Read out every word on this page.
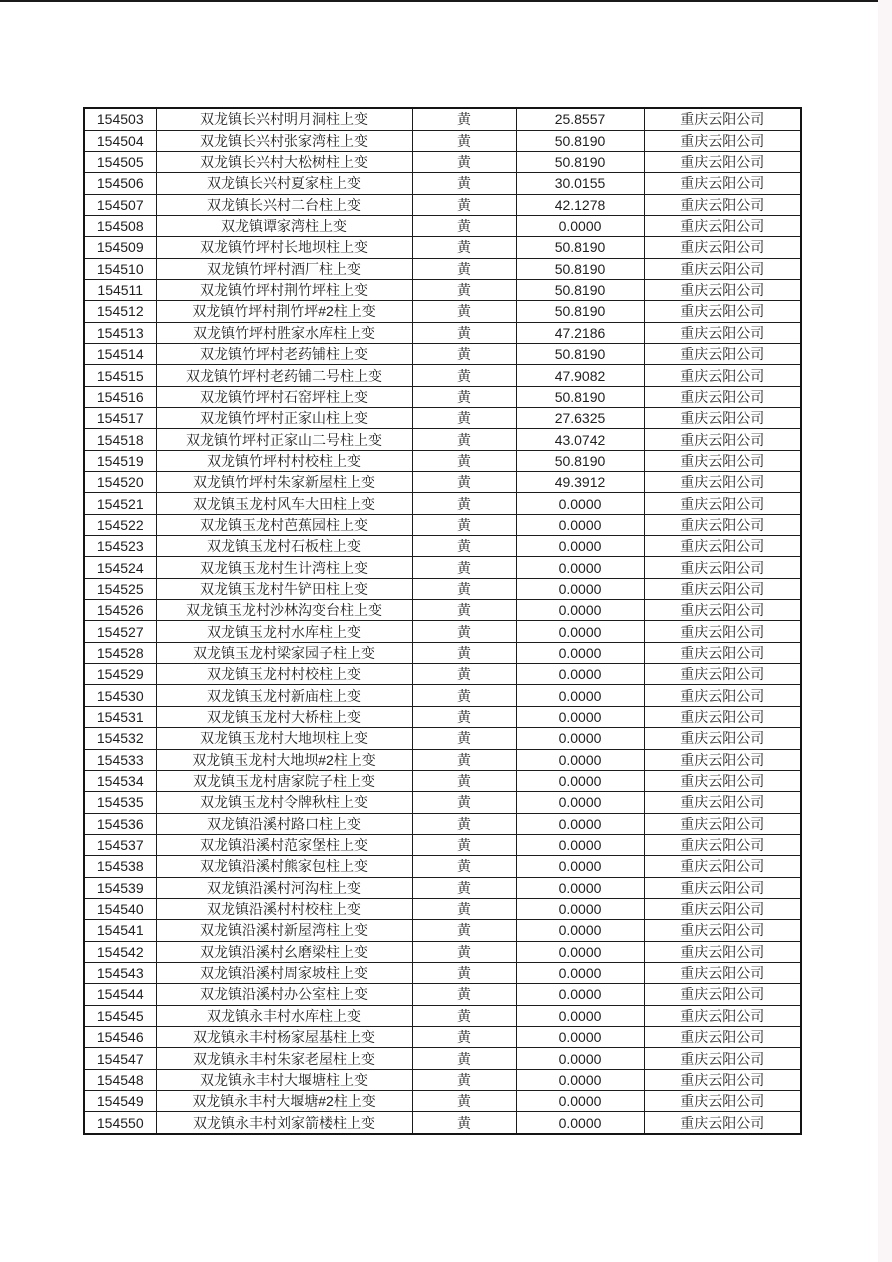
154503	双龙镇长兴村明月洞柱上变	黄	25.8557	重庆云阳公司
154504	双龙镇长兴村张家湾柱上变	黄	50.8190	重庆云阳公司
154505	双龙镇长兴村大松树柱上变	黄	50.8190	重庆云阳公司
154506	双龙镇长兴村夏家柱上变	黄	30.0155	重庆云阳公司
154507	双龙镇长兴村二台柱上变	黄	42.1278	重庆云阳公司
154508	双龙镇谭家湾柱上变	黄	0.0000	重庆云阳公司
154509	双龙镇竹坪村长地坝柱上变	黄	50.8190	重庆云阳公司
154510	双龙镇竹坪村酒厂柱上变	黄	50.8190	重庆云阳公司
154511	双龙镇竹坪村荆竹坪柱上变	黄	50.8190	重庆云阳公司
154512	双龙镇竹坪村荆竹坪#2柱上变	黄	50.8190	重庆云阳公司
154513	双龙镇竹坪村胜家水库柱上变	黄	47.2186	重庆云阳公司
154514	双龙镇竹坪村老药铺柱上变	黄	50.8190	重庆云阳公司
154515	双龙镇竹坪村老药铺二号柱上变	黄	47.9082	重庆云阳公司
154516	双龙镇竹坪村石窑坪柱上变	黄	50.8190	重庆云阳公司
154517	双龙镇竹坪村正家山柱上变	黄	27.6325	重庆云阳公司
154518	双龙镇竹坪村正家山二号柱上变	黄	43.0742	重庆云阳公司
154519	双龙镇竹坪村村校柱上变	黄	50.8190	重庆云阳公司
154520	双龙镇竹坪村朱家新屋柱上变	黄	49.3912	重庆云阳公司
154521	双龙镇玉龙村风车大田柱上变	黄	0.0000	重庆云阳公司
154522	双龙镇玉龙村芭蕉园柱上变	黄	0.0000	重庆云阳公司
154523	双龙镇玉龙村石板柱上变	黄	0.0000	重庆云阳公司
154524	双龙镇玉龙村生计湾柱上变	黄	0.0000	重庆云阳公司
154525	双龙镇玉龙村牛铲田柱上变	黄	0.0000	重庆云阳公司
154526	双龙镇玉龙村沙林沟变台柱上变	黄	0.0000	重庆云阳公司
154527	双龙镇玉龙村水库柱上变	黄	0.0000	重庆云阳公司
154528	双龙镇玉龙村梁家园子柱上变	黄	0.0000	重庆云阳公司
154529	双龙镇玉龙村村校柱上变	黄	0.0000	重庆云阳公司
154530	双龙镇玉龙村新庙柱上变	黄	0.0000	重庆云阳公司
154531	双龙镇玉龙村大桥柱上变	黄	0.0000	重庆云阳公司
154532	双龙镇玉龙村大地坝柱上变	黄	0.0000	重庆云阳公司
154533	双龙镇玉龙村大地坝#2柱上变	黄	0.0000	重庆云阳公司
154534	双龙镇玉龙村唐家院子柱上变	黄	0.0000	重庆云阳公司
154535	双龙镇玉龙村令牌秋柱上变	黄	0.0000	重庆云阳公司
154536	双龙镇沿溪村路口柱上变	黄	0.0000	重庆云阳公司
154537	双龙镇沿溪村范家堡柱上变	黄	0.0000	重庆云阳公司
154538	双龙镇沿溪村熊家包柱上变	黄	0.0000	重庆云阳公司
154539	双龙镇沿溪村河沟柱上变	黄	0.0000	重庆云阳公司
154540	双龙镇沿溪村村校柱上变	黄	0.0000	重庆云阳公司
154541	双龙镇沿溪村新屋湾柱上变	黄	0.0000	重庆云阳公司
154542	双龙镇沿溪村幺磨梁柱上变	黄	0.0000	重庆云阳公司
154543	双龙镇沿溪村周家坡柱上变	黄	0.0000	重庆云阳公司
154544	双龙镇沿溪村办公室柱上变	黄	0.0000	重庆云阳公司
154545	双龙镇永丰村水库柱上变	黄	0.0000	重庆云阳公司
154546	双龙镇永丰村杨家屋基柱上变	黄	0.0000	重庆云阳公司
154547	双龙镇永丰村朱家老屋柱上变	黄	0.0000	重庆云阳公司
154548	双龙镇永丰村大堰塘柱上变	黄	0.0000	重庆云阳公司
154549	双龙镇永丰村大堰塘#2柱上变	黄	0.0000	重庆云阳公司
154550	双龙镇永丰村刘家箭楼柱上变	黄	0.0000	重庆云阳公司
